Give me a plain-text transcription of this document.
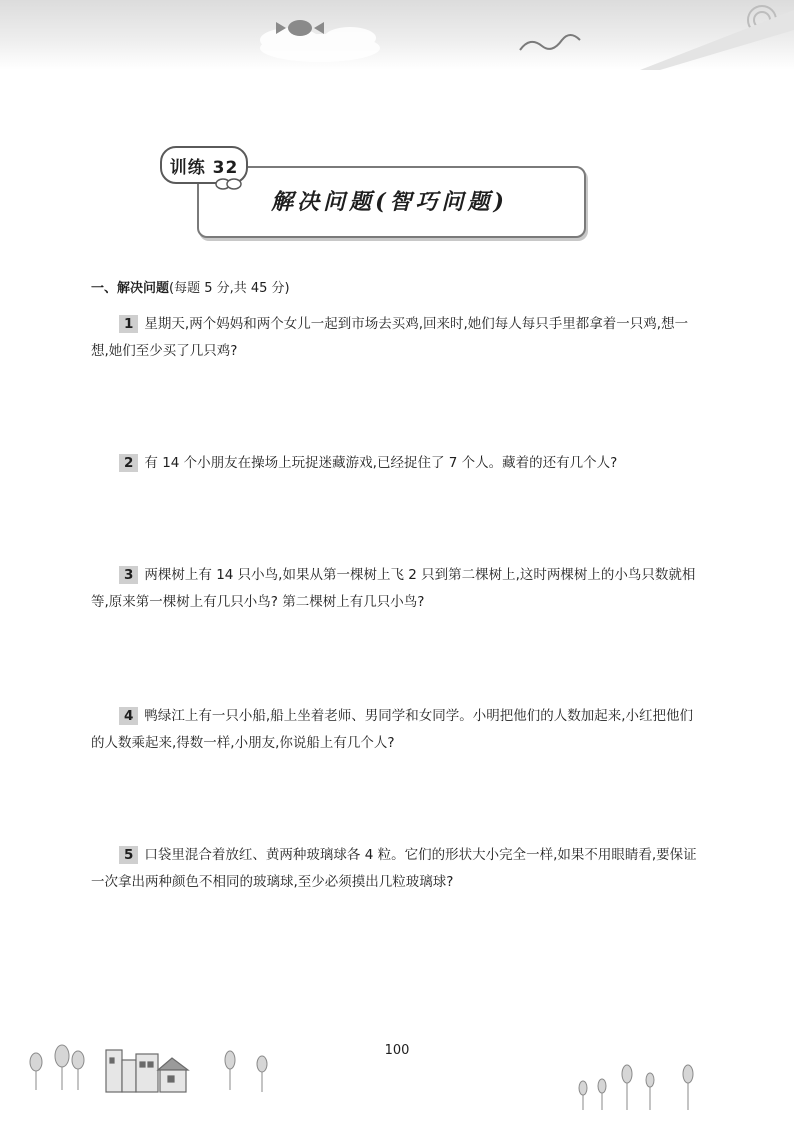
解决问题(智巧问题)
训练 32
一、解决问题(每题 5 分,共 45 分)
1 星期天,两个妈妈和两个女儿一起到市场去买鸡,回来时,她们每人每只手里都拿着一只鸡,想一想,她们至少买了几只鸡?
2 有 14 个小朋友在操场上玩捉迷藏游戏,已经捉住了 7 个人。藏着的还有几个人?
3 两棵树上有 14 只小鸟,如果从第一棵树上飞 2 只到第二棵树上,这时两棵树上的小鸟只数就相等,原来第一棵树上有几只小鸟? 第二棵树上有几只小鸟?
4 鸭绿江上有一只小船,船上坐着老师、男同学和女同学。小明把他们的人数加起来,小红把他们的人数乘起来,得数一样,小朋友,你说船上有几个人?
5 口袋里混合着放红、黄两种玻璃球各 4 粒。它们的形状大小完全一样,如果不用眼睛看,要保证一次拿出两种颜色不相同的玻璃球,至少必须摸出几粒玻璃球?
100
